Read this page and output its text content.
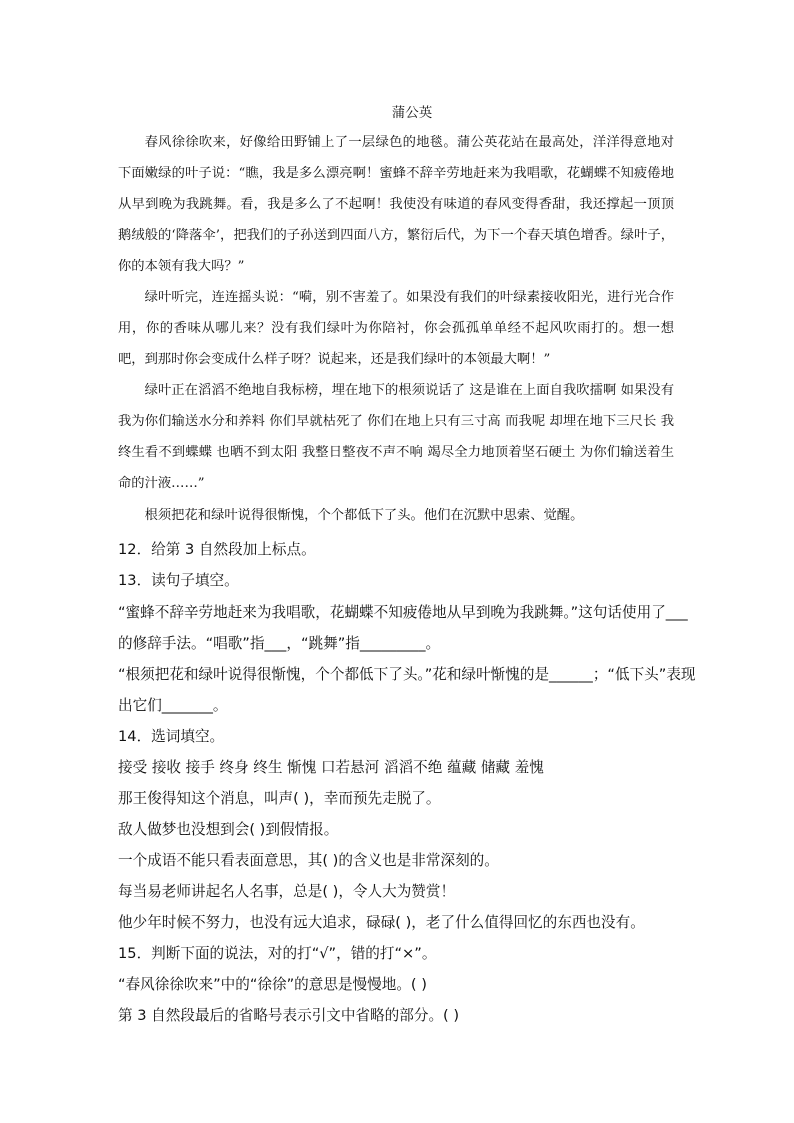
蒲公英

春风徐徐吹来，好像给田野铺上了一层绿色的地毯。蒲公英花站在最高处，洋洋得意地对下面嫩绿的叶子说：“瞧，我是多么漂亮啊！蜜蜂不辞辛劳地赶来为我唱歌，花蝴蝶不知疲倦地从早到晚为我跳舞。看，我是多么了不起啊！我使没有味道的春风变得香甜，我还撑起一顶顶鹅绒般的‘降落伞’，把我们的子孙送到四面八方，繁衍后代，为下一个春天填色增香。绿叶子，你的本领有我大吗？”

绿叶听完，连连摇头说：“嗬，别不害羞了。如果没有我们的叶绿素接收阳光，进行光合作用，你的香味从哪儿来？没有我们绿叶为你陪衬，你会孤孤单单经不起风吹雨打的。想一想吧，到那时你会变成什么样子呀？说起来，还是我们绿叶的本领最大啊！”

绿叶正在滔滔不绝地自我标榜，埋在地下的根须说话了 这是谁在上面自我吹擂啊 如果没有我为你们输送水分和养料 你们早就枯死了 你们在地上只有三寸高 而我呢 却埋在地下三尺长 我终生看不到蝶蝶 也晒不到太阳 我整日整夜不声不响 竭尽全力地顶着坚石硬土 为你们输送着生命的汁液……”

根须把花和绿叶说得很惭愧，个个都低下了头。他们在沉默中思索、觉醒。

12．给第 3 自然段加上标点。
13．读句子填空。
“蜜蜂不辞辛劳地赶来为我唱歌，花蝴蝶不知疲倦地从早到晚为我跳舞。”这句话使用了___
的修辞手法。“唱歌”指___，“跳舞”指_________。
“根须把花和绿叶说得很惭愧，个个都低下了头。”花和绿叶惭愧的是______；“低下头”表现
出它们_______。
14．选词填空。
接受 接收 接手 终身 终生 惭愧 口若悬河 滔滔不绝 蕴藏 储藏 羞愧
那王俊得知这个消息，叫声( )，幸而预先走脱了。
敌人做梦也没想到会( )到假情报。
一个成语不能只看表面意思，其( )的含义也是非常深刻的。
每当易老师讲起名人名事，总是( )，令人大为赞赏！
他少年时候不努力，也没有远大追求，碌碌( )，老了什么值得回忆的东西也没有。
15．判断下面的说法，对的打“√”，错的打“×”。
“春风徐徐吹来”中的“徐徐”的意思是慢慢地。( )
第 3 自然段最后的省略号表示引文中省略的部分。( )
